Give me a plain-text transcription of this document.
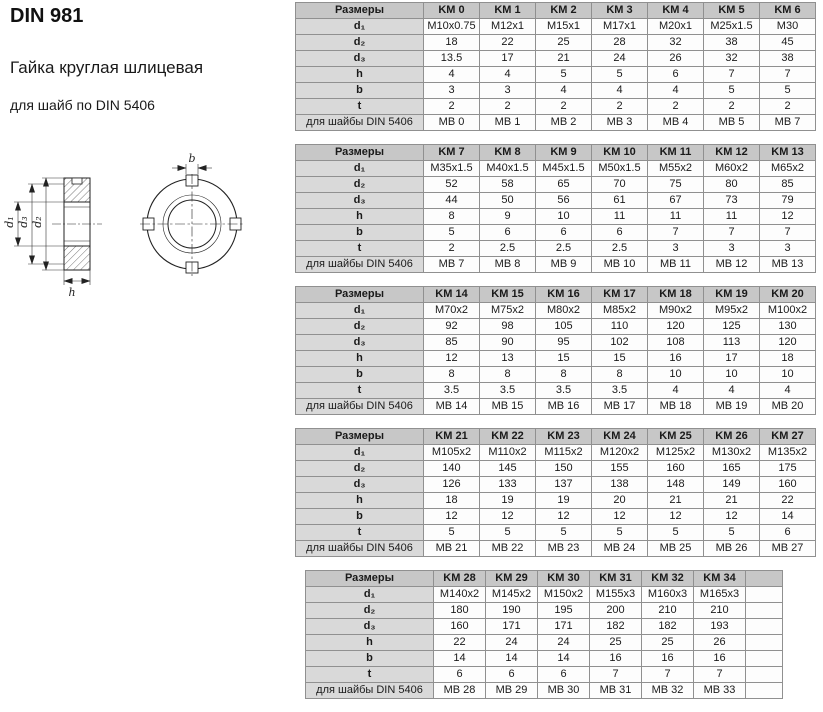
DIN 981
Гайка круглая шлицевая
для шайб по DIN 5406
d₁ d₃ d₂
h
b
Размеры	KM 0	KM 1	KM 2	KM 3	KM 4	KM 5	KM 6
d₁	M10x0.75	M12x1	M15x1	M17x1	M20x1	M25x1.5	M30
d₂	18	22	25	28	32	38	45
d₃	13.5	17	21	24	26	32	38
h	4	4	5	5	6	7	7
b	3	3	4	4	4	5	5
t	2	2	2	2	2	2	2
для шайбы DIN 5406	MB 0	MB 1	MB 2	MB 3	MB 4	MB 5	MB 7
Размеры	KM 7	KM 8	KM 9	KM 10	KM 11	KM 12	KM 13
d₁	M35x1.5	M40x1.5	M45x1.5	M50x1.5	M55x2	M60x2	M65x2
d₂	52	58	65	70	75	80	85
d₃	44	50	56	61	67	73	79
h	8	9	10	11	11	11	12
b	5	6	6	6	7	7	7
t	2	2.5	2.5	2.5	3	3	3
для шайбы DIN 5406	MB 7	MB 8	MB 9	MB 10	MB 11	MB 12	MB 13
Размеры	KM 14	KM 15	KM 16	KM 17	KM 18	KM 19	KM 20
d₁	M70x2	M75x2	M80x2	M85x2	M90x2	M95x2	M100x2
d₂	92	98	105	110	120	125	130
d₃	85	90	95	102	108	113	120
h	12	13	15	15	16	17	18
b	8	8	8	8	10	10	10
t	3.5	3.5	3.5	3.5	4	4	4
для шайбы DIN 5406	MB 14	MB 15	MB 16	MB 17	MB 18	MB 19	MB 20
Размеры	KM 21	KM 22	KM 23	KM 24	KM 25	KM 26	KM 27
d₁	M105x2	M110x2	M115x2	M120x2	M125x2	M130x2	M135x2
d₂	140	145	150	155	160	165	175
d₃	126	133	137	138	148	149	160
h	18	19	19	20	21	21	22
b	12	12	12	12	12	12	14
t	5	5	5	5	5	5	6
для шайбы DIN 5406	MB 21	MB 22	MB 23	MB 24	MB 25	MB 26	MB 27
Размеры	KM 28	KM 29	KM 30	KM 31	KM 32	KM 34	
d₁	M140x2	M145x2	M150x2	M155x3	M160x3	M165x3	
d₂	180	190	195	200	210	210	
d₃	160	171	171	182	182	193	
h	22	24	24	25	25	26	
b	14	14	14	16	16	16	
t	6	6	6	7	7	7	
для шайбы DIN 5406	MB 28	MB 29	MB 30	MB 31	MB 32	MB 33	
